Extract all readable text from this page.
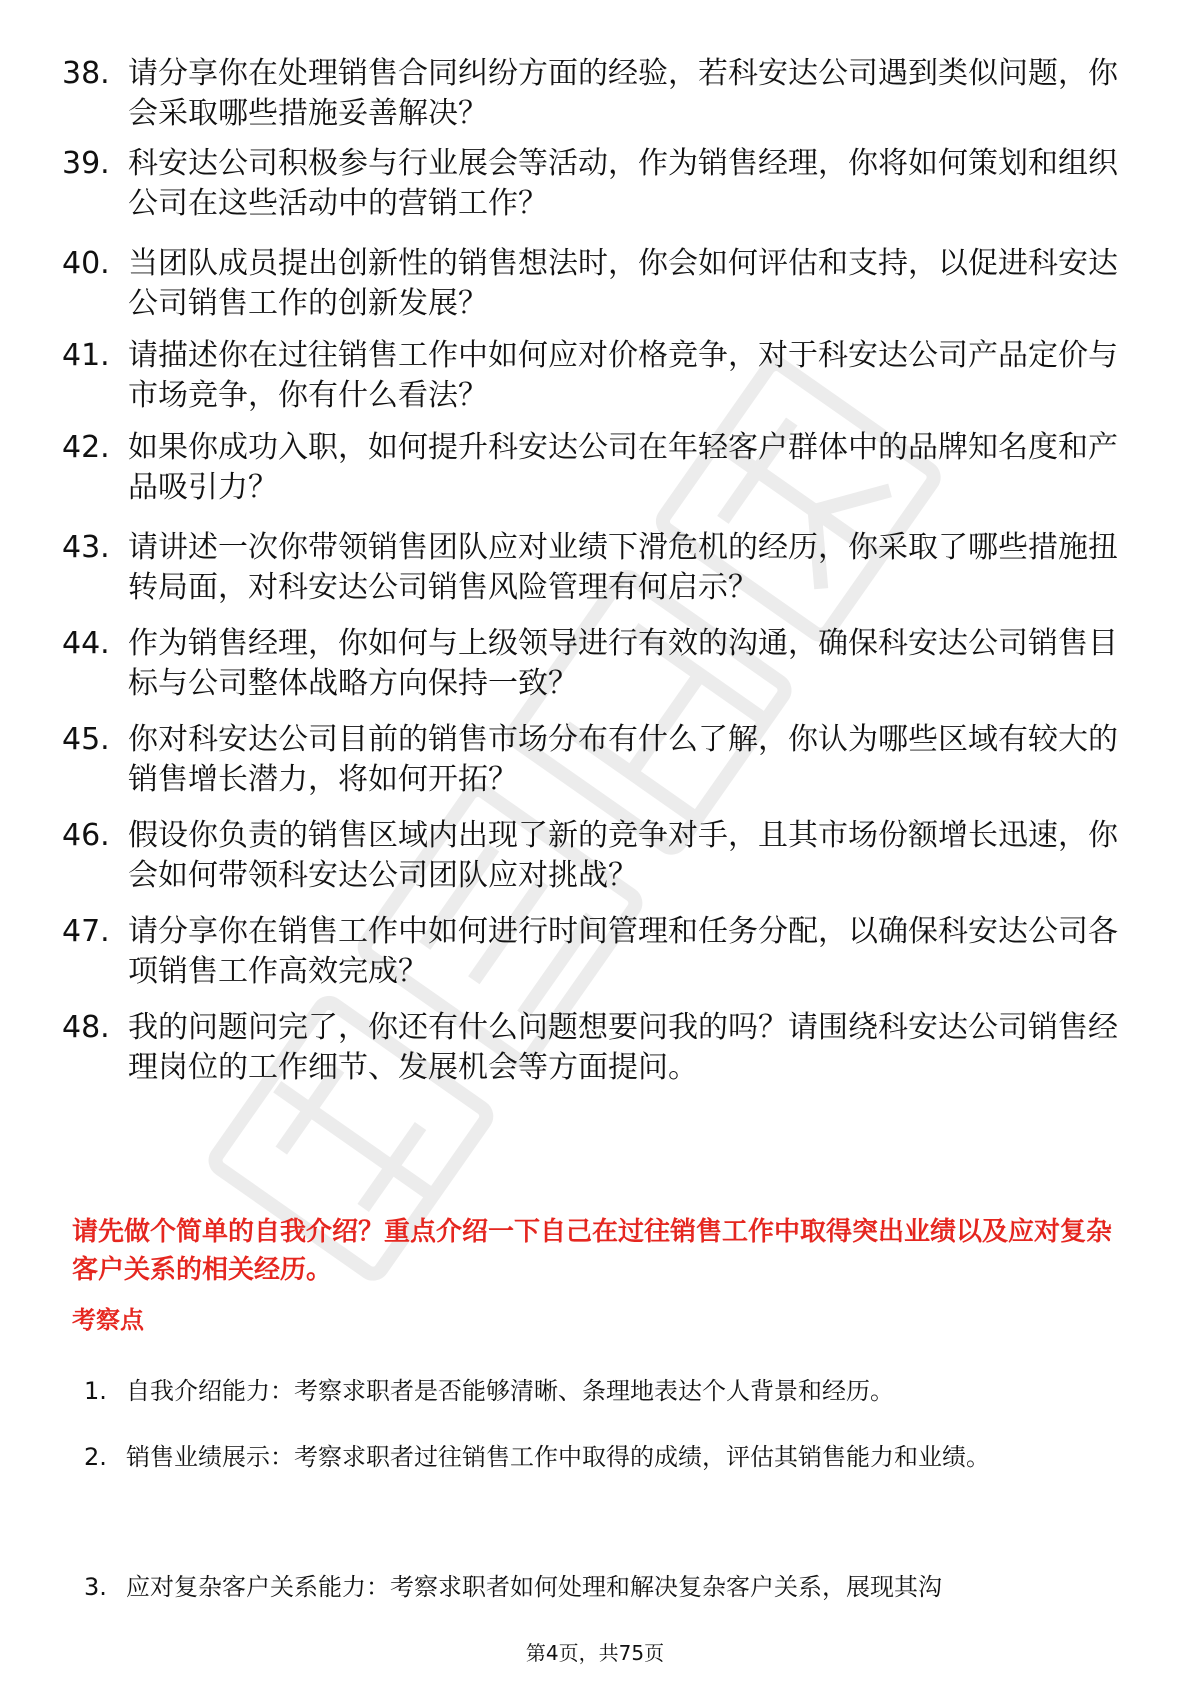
38. 请分享你在处理销售合同纠纷方面的经验，若科安达公司遇到类似问题，你会采取哪些措施妥善解决？

39. 科安达公司积极参与行业展会等活动，作为销售经理，你将如何策划和组织公司在这些活动中的营销工作？

40. 当团队成员提出创新性的销售想法时，你会如何评估和支持，以促进科安达公司销售工作的创新发展？

41. 请描述你在过往销售工作中如何应对价格竞争，对于科安达公司产品定价与市场竞争，你有什么看法？

42. 如果你成功入职，如何提升科安达公司在年轻客户群体中的品牌知名度和产品吸引力？

43. 请讲述一次你带领销售团队应对业绩下滑危机的经历，你采取了哪些措施扭转局面，对科安达公司销售风险管理有何启示？

44. 作为销售经理，你如何与上级领导进行有效的沟通，确保科安达公司销售目标与公司整体战略方向保持一致？

45. 你对科安达公司目前的销售市场分布有什么了解，你认为哪些区域有较大的销售增长潜力，将如何开拓？

46. 假设你负责的销售区域内出现了新的竞争对手，且其市场份额增长迅速，你会如何带领科安达公司团队应对挑战？

47. 请分享你在销售工作中如何进行时间管理和任务分配，以确保科安达公司各项销售工作高效完成？

48. 我的问题问完了，你还有什么问题想要问我的吗？请围绕科安达公司销售经理岗位的工作细节、发展机会等方面提问。

请先做个简单的自我介绍？重点介绍一下自己在过往销售工作中取得突出业绩以及应对复杂客户关系的相关经历。

考察点

1. 自我介绍能力：考察求职者是否能够清晰、条理地表达个人背景和经历。

2. 销售业绩展示：考察求职者过往销售工作中取得的成绩，评估其销售能力和业绩。

3. 应对复杂客户关系能力：考察求职者如何处理和解决复杂客户关系，展现其沟

第4页，共75页
